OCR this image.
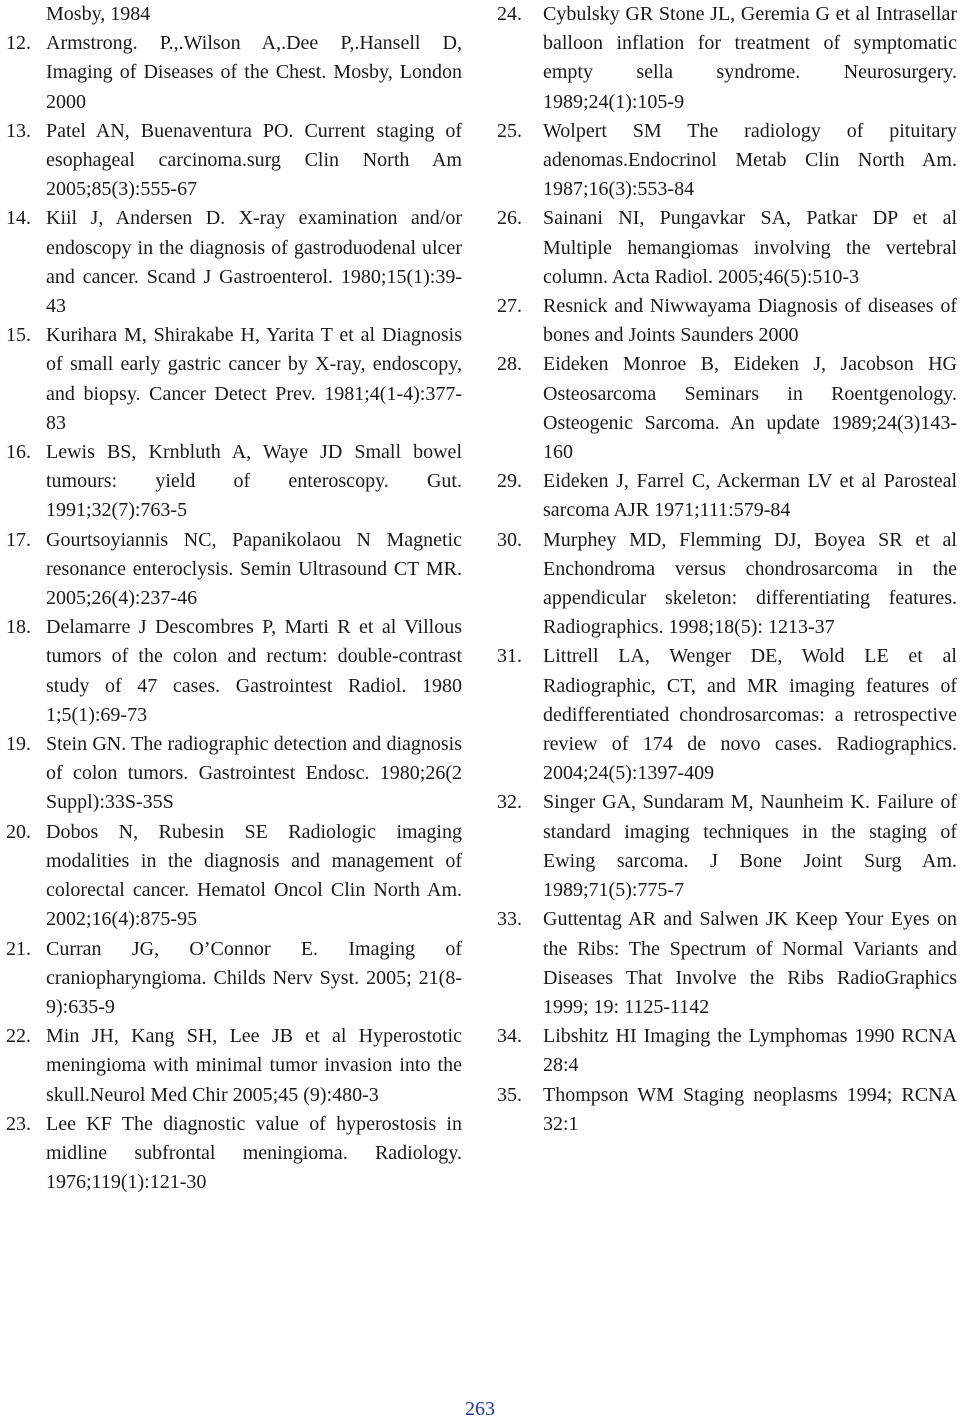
Mosby, 1984
12. Armstrong. P.,.Wilson A,.Dee P,.Hansell D, Imaging of Diseases of the Chest. Mosby, London 2000
13. Patel AN, Buenaventura PO. Current staging of esophageal carcinoma.surg Clin North Am 2005;85(3):555-67
14. Kiil J, Andersen D. X-ray examination and/or endoscopy in the diagnosis of gastroduodenal ulcer and cancer. Scand J Gastroenterol. 1980;15(1):39-43
15. Kurihara M, Shirakabe H, Yarita T et al Diagnosis of small early gastric cancer by X-ray, endoscopy, and biopsy. Cancer Detect Prev. 1981;4(1-4):377-83
16. Lewis BS, Krnbluth A, Waye JD Small bowel tumours: yield of enteroscopy. Gut. 1991;32(7):763-5
17. Gourtsoyiannis NC, Papanikolaou N Magnetic resonance enteroclysis. Semin Ultrasound CT MR. 2005;26(4):237-46
18. Delamarre J Descombres P, Marti R et al Villous tumors of the colon and rectum: double-contrast study of 47 cases. Gastrointest Radiol. 1980 1;5(1):69-73
19. Stein GN. The radiographic detection and diagnosis of colon tumors. Gastrointest Endosc. 1980;26(2 Suppl):33S-35S
20. Dobos N, Rubesin SE Radiologic imaging modalities in the diagnosis and management of colorectal cancer. Hematol Oncol Clin North Am. 2002;16(4):875-95
21. Curran JG, O’Connor E. Imaging of craniopharyngioma. Childs Nerv Syst. 2005; 21(8-9):635-9
22. Min JH, Kang SH, Lee JB et al Hyperostotic meningioma with minimal tumor invasion into the skull.Neurol Med Chir 2005;45 (9):480-3
23. Lee KF The diagnostic value of hyperostosis in midline subfrontal meningioma. Radiology. 1976;119(1):121-30
24.	Cybulsky GR Stone JL, Geremia G et al Intrasellar balloon inflation for treatment of symptomatic empty sella syndrome. Neurosurgery. 1989;24(1):105-9
25.	Wolpert SM The radiology of pituitary adenomas.Endocrinol Metab Clin North Am. 1987;16(3):553-84
26.	Sainani NI, Pungavkar SA, Patkar DP et al Multiple hemangiomas involving the vertebral column. Acta Radiol. 2005;46(5):510-3
27.	Resnick and Niwwayama Diagnosis of diseases of bones and Joints Saunders 2000
28.	Eideken Monroe B, Eideken J, Jacobson HG Osteosarcoma Seminars in Roentgenology. Osteogenic Sarcoma. An update 1989;24(3)143-160
29.	Eideken J, Farrel C, Ackerman LV et al Parosteal sarcoma AJR 1971;111:579-84
30.	Murphey MD, Flemming DJ, Boyea SR et al Enchondroma versus chondrosarcoma in the appendicular skeleton: differentiating features. Radiographics. 1998;18(5): 1213-37
31.	Littrell LA, Wenger DE, Wold LE et al Radiographic, CT, and MR imaging features of dedifferentiated chondrosarcomas: a retrospective review of 174 de novo cases. Radiographics. 2004;24(5):1397-409
32.	Singer GA, Sundaram M, Naunheim K. Failure of standard imaging techniques in the staging of Ewing sarcoma. J Bone Joint Surg Am. 1989;71(5):775-7
33.	Guttentag AR and Salwen JK Keep Your Eyes on the Ribs: The Spectrum of Normal Variants and Diseases That Involve the Ribs RadioGraphics 1999; 19: 1125-1142
34.	Libshitz HI Imaging the Lymphomas 1990 RCNA 28:4
35.	Thompson WM Staging neoplasms 1994; RCNA 32:1
263
